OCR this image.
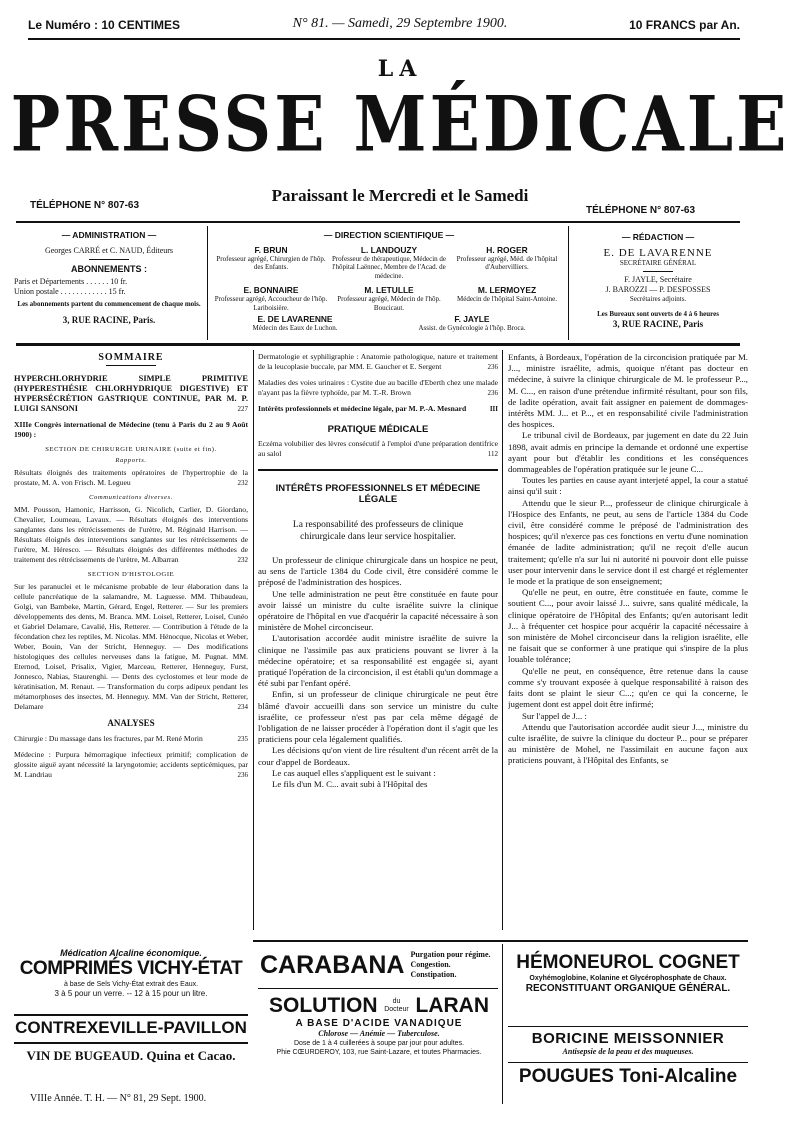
Le Numéro : 10 CENTIMES	N° 81. — Samedi, 29 Septembre 1900.	10 FRANCS par An.
LA
PRESSE MÉDICALE
Paraissant le Mercredi et le Samedi
TÉLÉPHONE N° 807-63	TÉLÉPHONE N° 807-63
— ADMINISTRATION —
Georges CARRÉ et C. NAUD, Éditeurs
ABONNEMENTS :
Paris et Départements . . . . . . 10 fr.
Union postale . . . . . . . . . . . . 15 fr.
Les abonnements partent du commencement de chaque mois.
3, RUE RACINE, Paris.
— DIRECTION SCIENTIFIQUE —
F. BRUN
Professeur agrégé, Chirurgien de l'hôp. des Enfants.
L. LANDOUZY
Professeur de thérapeutique, Médecin de l'hôpital Laënnec, Membre de l'Acad. de médecine.
H. ROGER
Professeur agrégé, Méd. de l'hôpital d'Aubervilliers.
E. BONNAIRE
Professeur agrégé, Accoucheur de l'hôp. Lariboisière.
M. LETULLE
Professeur agrégé, Médecin de l'hôp. Boucicaut.
M. LERMOYEZ
Médecin de l'hôpital Saint-Antoine.
E. DE LAVARENNE
Médecin des Eaux de Luchon.
F. JAYLE
Assist. de Gynécologie à l'hôp. Broca.
— RÉDACTION —
E. DE LAVARENNE
SECRÉTAIRE GÉNÉRAL
F. JAYLE, Secrétaire
J. BAROZZI — P. DESFOSSES
Secrétaires adjoints.
Les Bureaux sont ouverts de 4 à 6 heures
3, RUE RACINE, Paris
SOMMAIRE
HYPERCHLORHYDRIE SIMPLE PRIMITIVE (HYPERESTHÉSIE CHLORHYDRIQUE DIGESTIVE) ET HYPERSÉCRÉTION GASTRIQUE CONTINUE, PAR M. P. LUIGI SANSONI	227
XIIIe Congrès international de Médecine (tenu à Paris du 2 au 9 Août 1900) :
SECTION DE CHIRURGIE URINAIRE (suite et fin).
Rapports.
Résultats éloignés des traitements opératoires de l'hypertrophie de la prostate, M. A. von Frisch. M. Legueu	232
Communications diverses.
MM. Pousson, Hamonic, Harrisson, G. Nicolich, Carlier, D. Giordano, Chevalier, Loumeau, Lavaux. — Résultats éloignés des interventions sanglantes dans les rétrécissements de l'urètre, M. Réginald Harrison. — Résultats éloignés des interventions sanglantes sur les rétrécissements de l'urètre, M. Héresco. — Résultats éloignés des différentes méthodes de traitement des rétrécissements de l'urètre, M. Albarran	232
SECTION D'HISTOLOGIE
Sur les paranuclei et le mécanisme probable de leur élaboration dans la cellule pancréatique de la salamandre, M. Laguesse. MM. Thibaudeau, Golgi, van Bambeke, Martin, Gérard, Engel, Retterer. — Sur les premiers développements des dents, M. Branca. MM. Loisel, Retterer, Loisel, Cunéo et Gabriel Delamare, Cavalié, His, Retterer. — Contribution à l'étude de la fécondation chez les reptiles, M. Nicolas. MM. Hénocque, Nicolas et Weber, Weber, Bouin, Van der Stricht, Henneguy. — Des modifications histologiques des cellules nerveuses dans la fatigue, M. Pugnat. MM. Eternod, Loisel, Prisalix, Vigier, Marceau, Retterer, Henneguy, Furst, Jonnesco, Nabias, Staurenghi. — Dents des cyclostomes et leur mode de kératinisation, M. Renaut. — Transformation du corps adipeux pendant les métamorphoses des insectes, M. Henneguy. MM. Van der Stricht, Retterer, Delamare	234
ANALYSES
Chirurgie : Du massage dans les fractures, par M. René Morin	235
Médecine : Purpura hémorragique infectieux primitif; complication de glossite aiguë ayant nécessité la laryngotomie; accidents septicémiques, par M. Landriau	236
Médication Alcaline économique.
COMPRIMÉS VICHY-ÉTAT
à base de Sels Vichy-État extrait des Eaux.
3 à 5 pour un verre. -- 12 à 15 pour un litre.
CONTREXEVILLE-PAVILLON
VIN DE BUGEAUD. Quina et Cacao.
VIIIe Année. T. H. — N° 81, 29 Sept. 1900.
Dermatologie et syphiligraphie : Anatomie pathologique, nature et traitement de la leucoplasie buccale, par MM. E. Gaucher et E. Sergent	236
Maladies des voies urinaires : Cystite due au bacille d'Eberth chez une malade n'ayant pas la fièvre typhoïde, par M. T.-R. Brown	236
Intérêts professionnels et médecine légale, par M. P.-A. Mesnard	III
PRATIQUE MÉDICALE
Eczéma volubilier des lèvres consécutif à l'emploi d'une préparation dentifrice au salol	112
INTÉRÊTS PROFESSIONNELS ET MÉDECINE LÉGALE
La responsabilité des professeurs de clinique chirurgicale dans leur service hospitalier.

Un professeur de clinique chirurgicale dans un hospice ne peut, au sens de l'article 1384 du Code civil, être considéré comme le préposé de l'administration des hospices.

Une telle administration ne peut être constituée en faute pour avoir laissé un ministre du culte israélite suivre la clinique opératoire de l'hôpital en vue d'acquérir la capacité nécessaire à son ministère de Mohel circonciseur.

L'autorisation accordée audit ministre israélite de suivre la clinique ne l'assimile pas aux praticiens pouvant se livrer à la médecine opératoire; et sa responsabilité est engagée si, ayant pratiqué l'opération de la circoncision, il est établi qu'un dommage a été subi par l'enfant opéré.

Enfin, si un professeur de clinique chirurgicale ne peut être blâmé d'avoir accueilli dans son service un ministre du culte israélite, ce professeur n'est pas par cela même dégagé de l'obligation de ne laisser procéder à l'opération dont il s'agit que les praticiens pour cela légalement qualifiés.

Les décisions qu'on vient de lire résultent d'un récent arrêt de la cour d'appel de Bordeaux.

Le cas auquel elles s'appliquent est le suivant :

Le fils d'un M. C... avait subi à l'Hôpital des

Enfants, à Bordeaux, l'opération de la circoncision pratiquée par M. J..., ministre israélite, admis, quoique n'étant pas docteur en médecine, à suivre la clinique chirurgicale de M. le professeur P..., M. C..., en raison d'une prétendue infirmité résultant, pour son fils, de ladite opération, avait fait assigner en paiement de dommages-intérêts MM. J... et P..., et en responsabilité civile l'administration des hospices.

Le tribunal civil de Bordeaux, par jugement en date du 22 Juin 1898, avait admis en principe la demande et ordonné une expertise ayant pour but d'établir les conditions et les conséquences dommageables de l'opération pratiquée sur le jeune C...

Toutes les parties en cause ayant interjeté appel, la cour a statué ainsi qu'il suit :

Attendu que le sieur P..., professeur de clinique chirurgicale à l'Hospice des Enfants, ne peut, au sens de l'article 1384 du Code civil, être considéré comme le préposé de l'administration des hospices; qu'il n'exerce pas ces fonctions en vertu d'une nomination émanée de ladite administration; qu'il ne reçoit d'elle aucun traitement; qu'elle n'a sur lui ni autorité ni pouvoir dont elle puisse user pour intervenir dans le service dont il est chargé et réglementer le mode et la pratique de son enseignement;

Qu'elle ne peut, en outre, être constituée en faute, comme le soutient C..., pour avoir laissé J... suivre, sans qualité médicale, la clinique opératoire de l'Hôpital des Enfants; qu'en autorisant ledit J... à fréquenter cet hospice pour acquérir la capacité nécessaire à son ministère de Mohel circonciseur dans la religion israélite, elle ne faisait que se conformer à une pratique qui s'inspire de la plus louable tolérance;

Qu'elle ne peut, en conséquence, être retenue dans la cause comme s'y trouvant exposée à quelque responsabilité à raison des faits dont se plaint le sieur C...; qu'en ce qui la concerne, le jugement dont est appel doit être infirmé;

Sur l'appel de J... :

Attendu que l'autorisation accordée audit sieur J..., ministre du culte israélite, de suivre la clinique du docteur P... pour se préparer au ministère de Mohel, ne l'assimilait en aucune façon aux praticiens pouvant, à l'Hôpital des Enfants, se

CARABANA Purgation pour régime.
Congestion. Constipation.
SOLUTION	du Docteur LARAN
A BASE D'ACIDE VANADIQUE
Chlorose — Anémie — Tuberculose.
Dose de 1 à 4 cuillerées à soupe par jour pour adultes.
Phie CŒURDEROY, 103, rue Saint-Lazare, et toutes Pharmacies.
HÉMONEUROL COGNET
Oxyhémoglobine, Kolanine et Glycérophosphate de Chaux.
RECONSTITUANT ORGANIQUE GÉNÉRAL.
BORICINE MEISSONNIER
Antisepsie de la peau et des muqueuses.
POUGUES Toni-Alcaline
